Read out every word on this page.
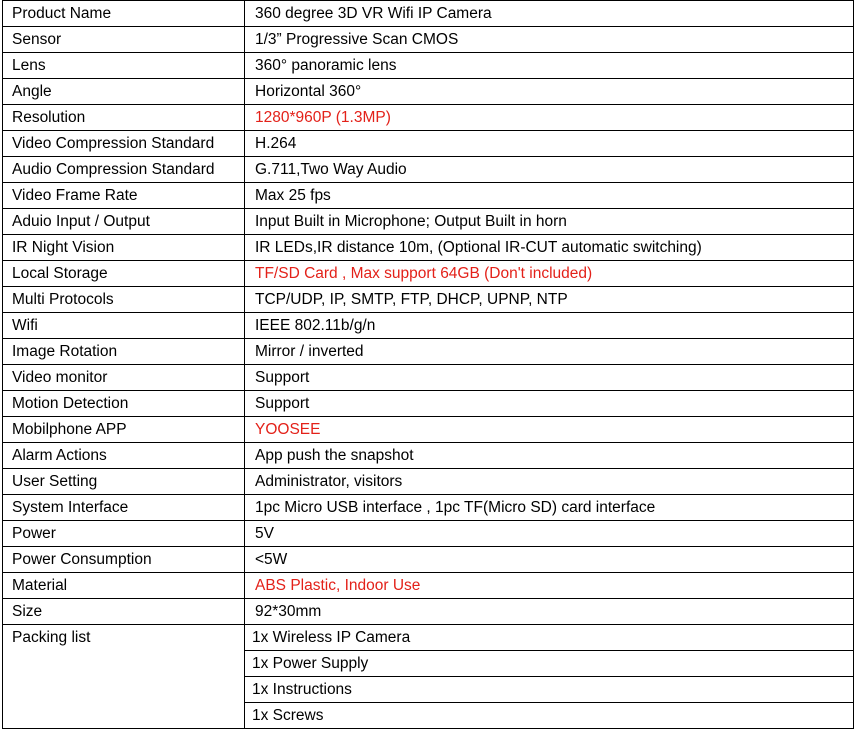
Product Name	360 degree 3D VR Wifi IP Camera
Sensor	1/3” Progressive Scan CMOS
Lens	360° panoramic lens
Angle	Horizontal 360°
Resolution	1280*960P (1.3MP)
Video Compression Standard	H.264
Audio Compression Standard	G.711,Two Way Audio
Video Frame Rate	Max 25 fps
Aduio Input / Output	Input Built in Microphone; Output Built in horn
IR Night Vision	IR LEDs,IR distance 10m, (Optional IR-CUT automatic switching)
Local Storage	TF/SD Card , Max support 64GB (Don't included)
Multi Protocols	TCP/UDP, IP, SMTP, FTP, DHCP, UPNP, NTP
Wifi	IEEE 802.11b/g/n
Image Rotation	Mirror / inverted
Video monitor	Support
Motion Detection	Support
Mobilphone APP	YOOSEE
Alarm Actions	App push the snapshot
User Setting	Administrator, visitors
System Interface	1pc Micro USB interface , 1pc TF(Micro SD) card interface
Power	5V
Power Consumption	<5W
Material	ABS Plastic, Indoor Use
Size	92*30mm
Packing list	1x Wireless IP Camera
	1x Power Supply
	1x Instructions
	1x Screws
